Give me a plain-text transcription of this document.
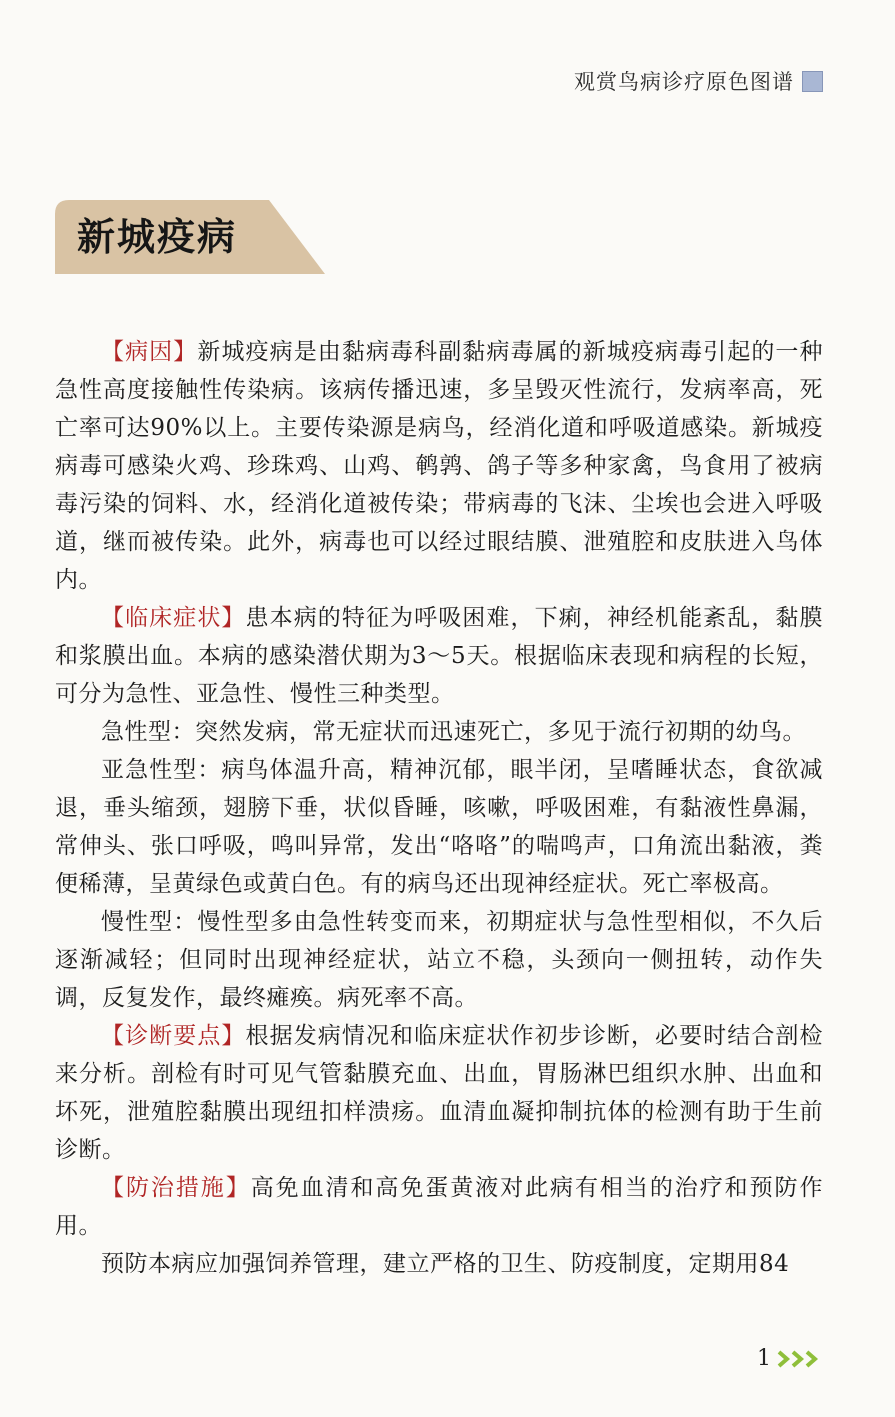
观赏鸟病诊疗原色图谱
新城疫病

【病因】新城疫病是由黏病毒科副黏病毒属的新城疫病毒引起的一种急性高度接触性传染病。该病传播迅速，多呈毁灭性流行，发病率高，死亡率可达90%以上。主要传染源是病鸟，经消化道和呼吸道感染。新城疫病毒可感染火鸡、珍珠鸡、山鸡、鹌鹑、鸽子等多种家禽，鸟食用了被病毒污染的饲料、水，经消化道被传染；带病毒的飞沫、尘埃也会进入呼吸道，继而被传染。此外，病毒也可以经过眼结膜、泄殖腔和皮肤进入鸟体内。

【临床症状】患本病的特征为呼吸困难，下痢，神经机能紊乱，黏膜和浆膜出血。本病的感染潜伏期为3～5天。根据临床表现和病程的长短，可分为急性、亚急性、慢性三种类型。

急性型：突然发病，常无症状而迅速死亡，多见于流行初期的幼鸟。

亚急性型：病鸟体温升高，精神沉郁，眼半闭，呈嗜睡状态，食欲减退，垂头缩颈，翅膀下垂，状似昏睡，咳嗽，呼吸困难，有黏液性鼻漏，常伸头、张口呼吸，鸣叫异常，发出“咯咯”的喘鸣声，口角流出黏液，粪便稀薄，呈黄绿色或黄白色。有的病鸟还出现神经症状。死亡率极高。

慢性型：慢性型多由急性转变而来，初期症状与急性型相似，不久后逐渐减轻；但同时出现神经症状，站立不稳，头颈向一侧扭转，动作失调，反复发作，最终瘫痪。病死率不高。

【诊断要点】根据发病情况和临床症状作初步诊断，必要时结合剖检来分析。剖检有时可见气管黏膜充血、出血，胃肠淋巴组织水肿、出血和坏死，泄殖腔黏膜出现纽扣样溃疡。血清血凝抑制抗体的检测有助于生前诊断。

【防治措施】高免血清和高免蛋黄液对此病有相当的治疗和预防作用。

预防本病应加强饲养管理，建立严格的卫生、防疫制度，定期用84

1
